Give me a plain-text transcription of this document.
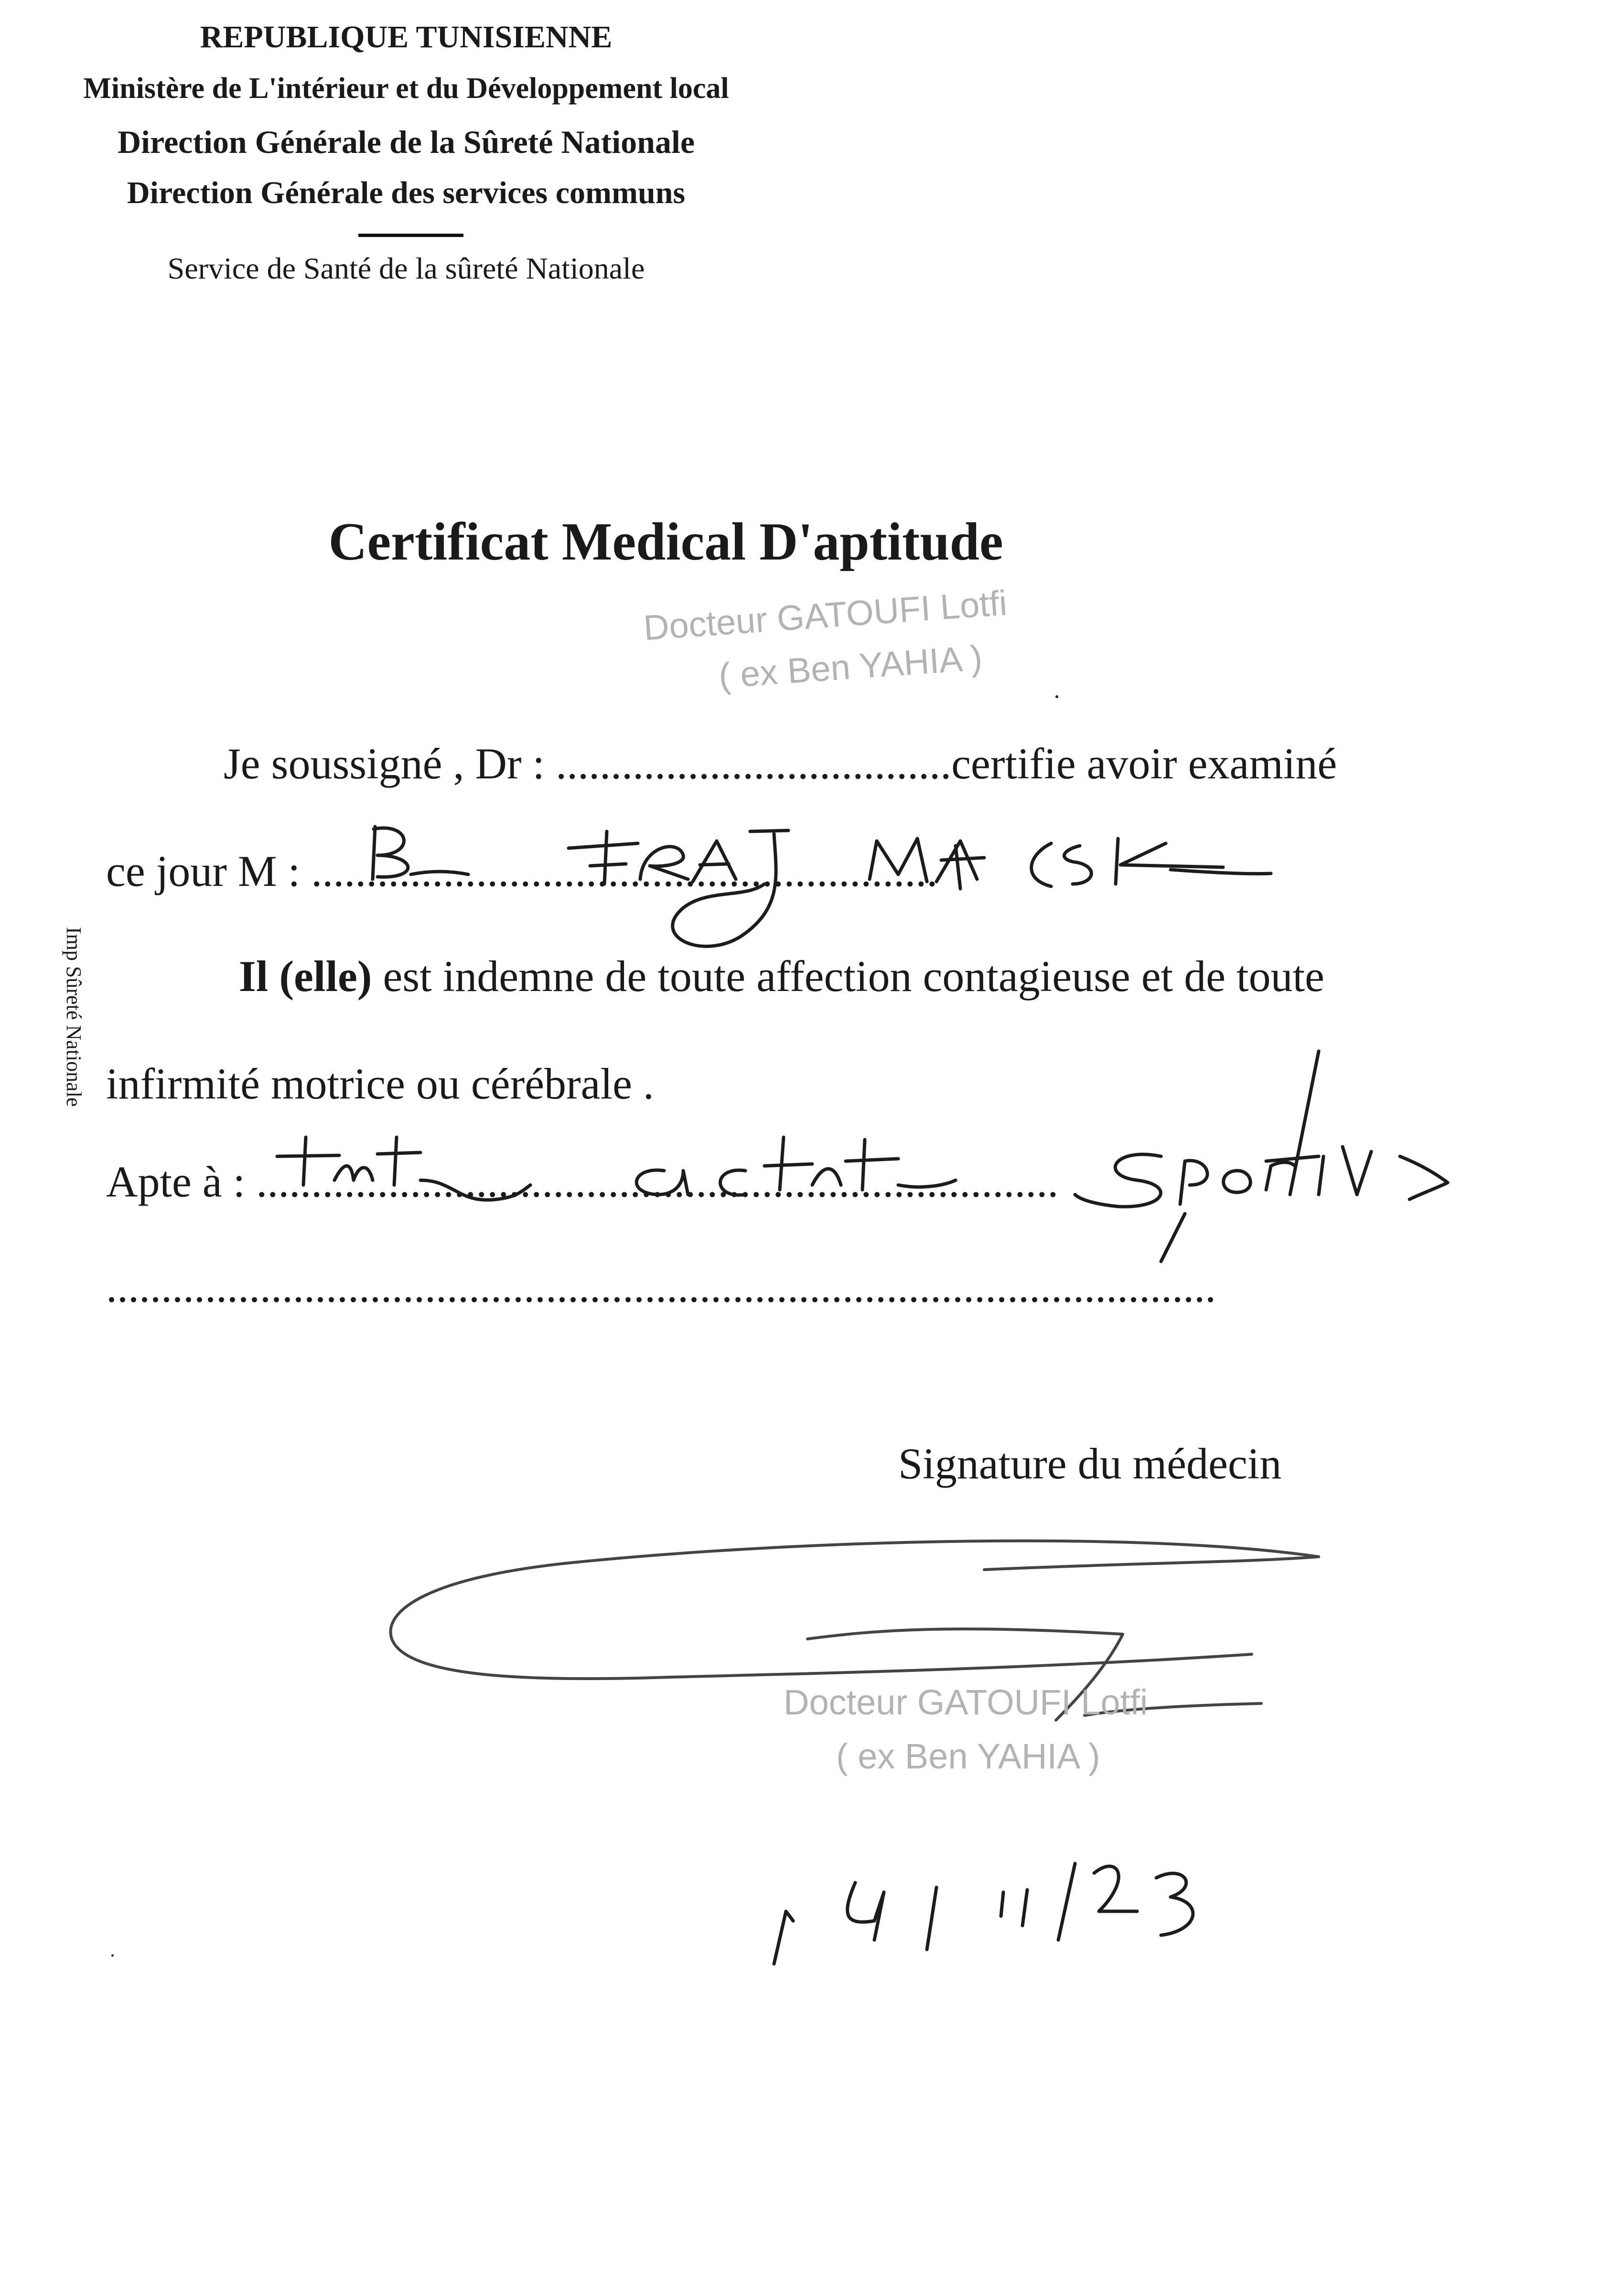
REPUBLIQUE TUNISIENNE
Ministère de L'intérieur et du Développement local
Direction Générale de la Sûreté Nationale
Direction Générale des services communs
Service de Santé de la sûreté Nationale
Certificat Medical D'aptitude
Docteur GATOUFI Lotfi
( ex Ben YAHIA )
Je soussigné , Dr : ....................................certifie avoir examiné
ce jour M : .........................................................
Il (elle) est indemne de toute affection contagieuse et de toute
infirmité motrice ou cérébrale .
Apte à : .........................................................................
.....................................................................................................
Signature du médecin
Docteur GATOUFI Lotfi
( ex Ben YAHIA )
Imp Sûreté Nationale
